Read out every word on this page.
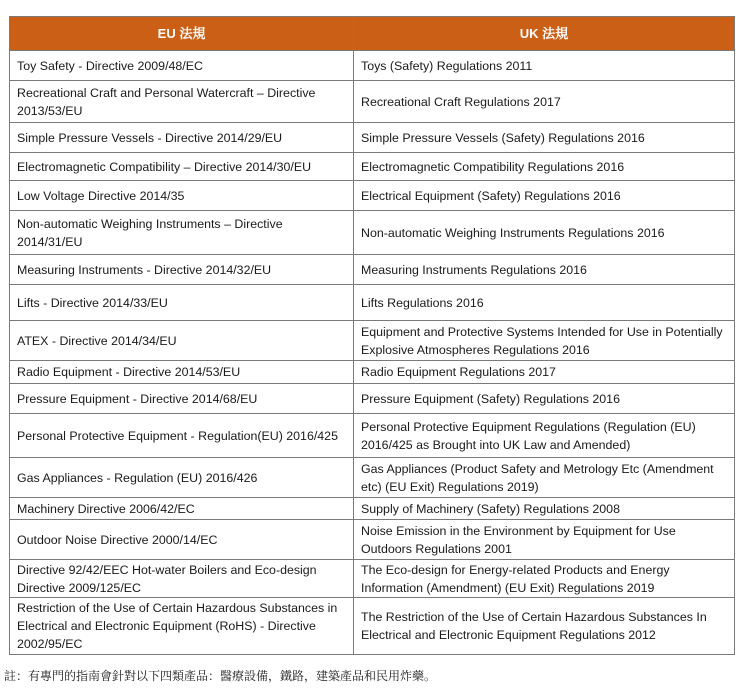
EU 法規	UK 法規
Toy Safety - Directive 2009/48/EC	Toys (Safety) Regulations 2011
Recreational Craft and Personal Watercraft – Directive 2013/53/EU	Recreational Craft Regulations 2017
Simple Pressure Vessels - Directive 2014/29/EU	Simple Pressure Vessels (Safety) Regulations 2016
Electromagnetic Compatibility – Directive 2014/30/EU	Electromagnetic Compatibility Regulations 2016
Low Voltage Directive 2014/35	Electrical Equipment (Safety) Regulations 2016
Non-automatic Weighing Instruments – Directive 2014/31/EU	Non-automatic Weighing Instruments Regulations 2016
Measuring Instruments - Directive 2014/32/EU	Measuring Instruments Regulations 2016
Lifts - Directive 2014/33/EU	Lifts Regulations 2016
ATEX - Directive 2014/34/EU	Equipment and Protective Systems Intended for Use in Potentially Explosive Atmospheres Regulations 2016
Radio Equipment - Directive 2014/53/EU	Radio Equipment Regulations 2017
Pressure Equipment - Directive 2014/68/EU	Pressure Equipment (Safety) Regulations 2016
Personal Protective Equipment - Regulation(EU) 2016/425	Personal Protective Equipment Regulations (Regulation (EU) 2016/425 as Brought into UK Law and Amended)
Gas Appliances - Regulation (EU) 2016/426	Gas Appliances (Product Safety and Metrology Etc (Amendment etc) (EU Exit) Regulations 2019)
Machinery Directive 2006/42/EC	Supply of Machinery (Safety) Regulations 2008
Outdoor Noise Directive 2000/14/EC	Noise Emission in the Environment by Equipment for Use Outdoors Regulations 2001
Directive 92/42/EEC Hot-water Boilers and Eco-design Directive 2009/125/EC	The Eco-design for Energy-related Products and Energy Information (Amendment) (EU Exit) Regulations 2019
Restriction of the Use of Certain Hazardous Substances in Electrical and Electronic Equipment (RoHS) - Directive 2002/95/EC	The Restriction of the Use of Certain Hazardous Substances In Electrical and Electronic Equipment Regulations 2012
註：有專門的指南會針對以下四類產品：醫療設備，鐵路，建築產品和民用炸藥。
